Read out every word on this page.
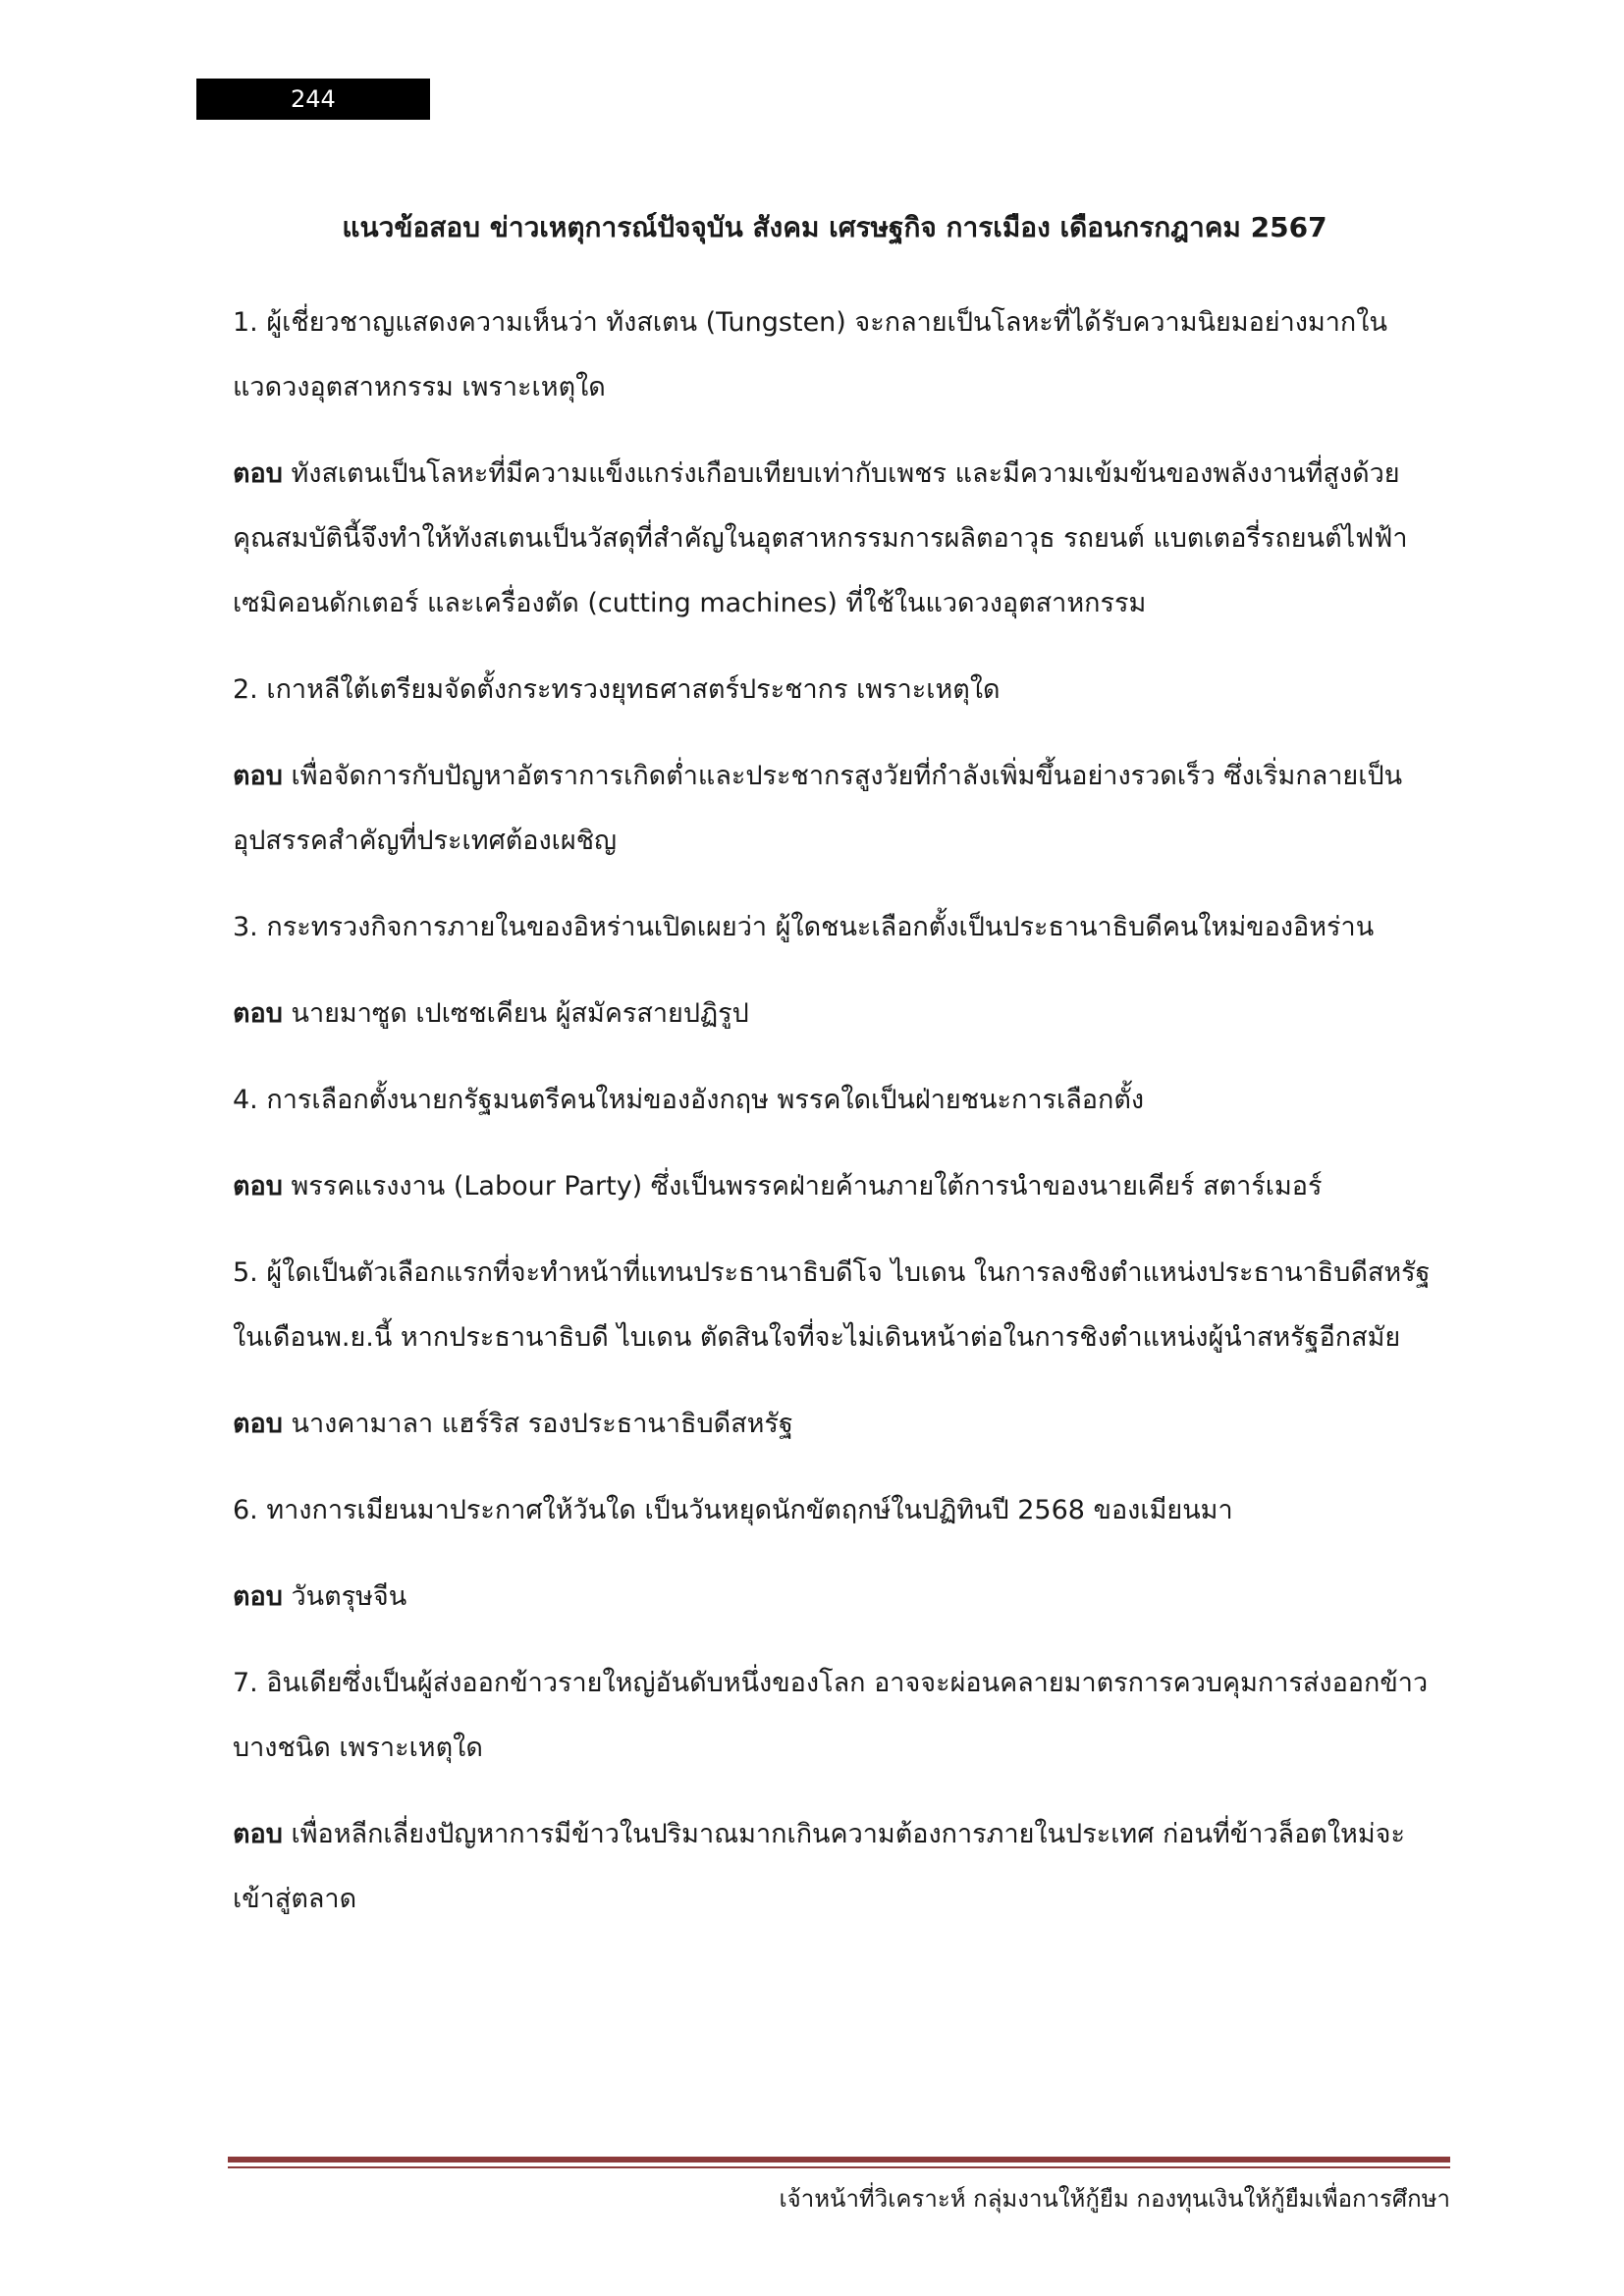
244
แนวข้อสอบ ข่าวเหตุการณ์ปัจจุบัน สังคม เศรษฐกิจ การเมือง เดือนกรกฎาคม 2567

1. ผู้เชี่ยวชาญแสดงความเห็นว่า ทังสเตน (Tungsten) จะกลายเป็นโลหะที่ได้รับความนิยมอย่างมากในแวดวงอุตสาหกรรม เพราะเหตุใด

ตอบ ทังสเตนเป็นโลหะที่มีความแข็งแกร่งเกือบเทียบเท่ากับเพชร และมีความเข้มข้นของพลังงานที่สูงด้วยคุณสมบัตินี้จึงทำให้ทังสเตนเป็นวัสดุที่สำคัญในอุตสาหกรรมการผลิตอาวุธ รถยนต์ แบตเตอรี่รถยนต์ไฟฟ้า เซมิคอนดักเตอร์ และเครื่องตัด (cutting machines) ที่ใช้ในแวดวงอุตสาหกรรม

2. เกาหลีใต้เตรียมจัดตั้งกระทรวงยุทธศาสตร์ประชากร เพราะเหตุใด

ตอบ เพื่อจัดการกับปัญหาอัตราการเกิดต่ำและประชากรสูงวัยที่กำลังเพิ่มขึ้นอย่างรวดเร็ว ซึ่งเริ่มกลายเป็นอุปสรรคสำคัญที่ประเทศต้องเผชิญ

3. กระทรวงกิจการภายในของอิหร่านเปิดเผยว่า ผู้ใดชนะเลือกตั้งเป็นประธานาธิบดีคนใหม่ของอิหร่าน

ตอบ นายมาซูด เปเซชเคียน ผู้สมัครสายปฏิรูป

4. การเลือกตั้งนายกรัฐมนตรีคนใหม่ของอังกฤษ พรรคใดเป็นฝ่ายชนะการเลือกตั้ง

ตอบ พรรคแรงงาน (Labour Party) ซึ่งเป็นพรรคฝ่ายค้านภายใต้การนำของนายเคียร์ สตาร์เมอร์

5. ผู้ใดเป็นตัวเลือกแรกที่จะทำหน้าที่แทนประธานาธิบดีโจ ไบเดน ในการลงชิงตำแหน่งประธานาธิบดีสหรัฐในเดือนพ.ย.นี้ หากประธานาธิบดี ไบเดน ตัดสินใจที่จะไม่เดินหน้าต่อในการชิงตำแหน่งผู้นำสหรัฐอีกสมัย

ตอบ นางคามาลา แฮร์ริส รองประธานาธิบดีสหรัฐ

6. ทางการเมียนมาประกาศให้วันใด เป็นวันหยุดนักขัตฤกษ์ในปฏิทินปี 2568 ของเมียนมา

ตอบ วันตรุษจีน

7. อินเดียซึ่งเป็นผู้ส่งออกข้าวรายใหญ่อันดับหนึ่งของโลก อาจจะผ่อนคลายมาตรการควบคุมการส่งออกข้าวบางชนิด เพราะเหตุใด

ตอบ เพื่อหลีกเลี่ยงปัญหาการมีข้าวในปริมาณมากเกินความต้องการภายในประเทศ ก่อนที่ข้าวล็อตใหม่จะเข้าสู่ตลาด

เจ้าหน้าที่วิเคราะห์ กลุ่มงานให้กู้ยืม กองทุนเงินให้กู้ยืมเพื่อการศึกษา
